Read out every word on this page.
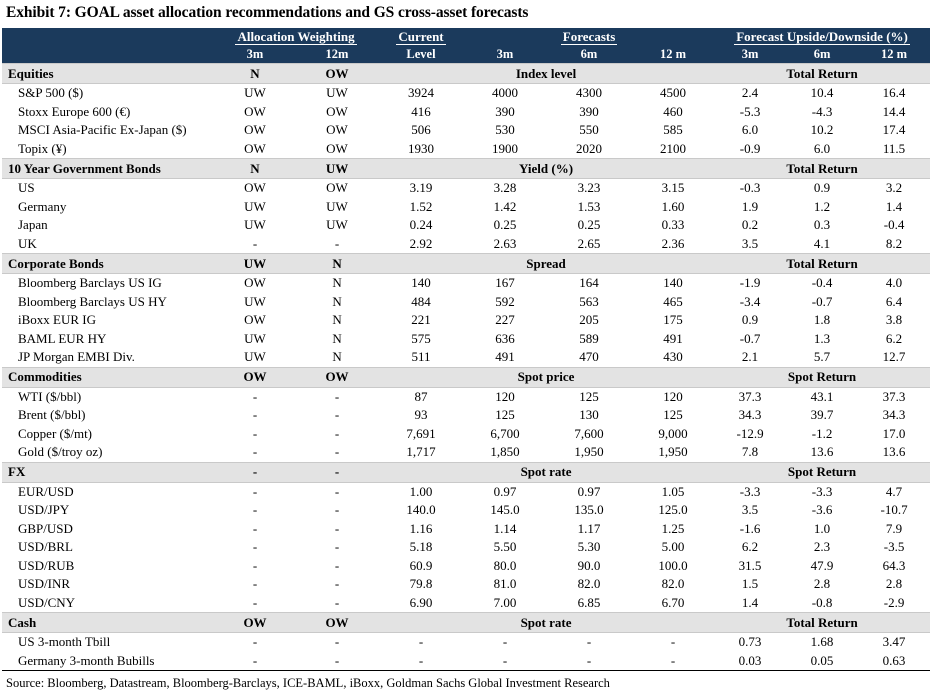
Exhibit 7: GOAL asset allocation recommendations and GS cross-asset forecasts
	Allocation Weighting		Current	Forecasts			Forecast Upside/Downside (%)		
	3m	12m	Level	3m	6m	12 m	3m	6m	12 m
Equities	N	OW	Index level				Total Return		
S&P 500 ($)	UW	UW	3924	4000	4300	4500	2.4	10.4	16.4
Stoxx Europe 600 (€)	OW	OW	416	390	390	460	-5.3	-4.3	14.4
MSCI Asia-Pacific Ex-Japan ($)	OW	OW	506	530	550	585	6.0	10.2	17.4
Topix (¥)	OW	OW	1930	1900	2020	2100	-0.9	6.0	11.5
10 Year Government Bonds	N	UW	Yield (%)				Total Return		
US	OW	OW	3.19	3.28	3.23	3.15	-0.3	0.9	3.2
Germany	UW	UW	1.52	1.42	1.53	1.60	1.9	1.2	1.4
Japan	UW	UW	0.24	0.25	0.25	0.33	0.2	0.3	-0.4
UK	-	-	2.92	2.63	2.65	2.36	3.5	4.1	8.2
Corporate Bonds	UW	N	Spread				Total Return		
Bloomberg Barclays US IG	OW	N	140	167	164	140	-1.9	-0.4	4.0
Bloomberg Barclays US HY	UW	N	484	592	563	465	-3.4	-0.7	6.4
iBoxx EUR IG	OW	N	221	227	205	175	0.9	1.8	3.8
BAML EUR HY	UW	N	575	636	589	491	-0.7	1.3	6.2
JP Morgan EMBI Div.	UW	N	511	491	470	430	2.1	5.7	12.7
Commodities	OW	OW	Spot price				Spot Return		
WTI ($/bbl)	-	-	87	120	125	120	37.3	43.1	37.3
Brent ($/bbl)	-	-	93	125	130	125	34.3	39.7	34.3
Copper ($/mt)	-	-	7,691	6,700	7,600	9,000	-12.9	-1.2	17.0
Gold ($/troy oz)	-	-	1,717	1,850	1,950	1,950	7.8	13.6	13.6
FX	-	-	Spot rate				Spot Return		
EUR/USD	-	-	1.00	0.97	0.97	1.05	-3.3	-3.3	4.7
USD/JPY	-	-	140.0	145.0	135.0	125.0	3.5	-3.6	-10.7
GBP/USD	-	-	1.16	1.14	1.17	1.25	-1.6	1.0	7.9
USD/BRL	-	-	5.18	5.50	5.30	5.00	6.2	2.3	-3.5
USD/RUB	-	-	60.9	80.0	90.0	100.0	31.5	47.9	64.3
USD/INR	-	-	79.8	81.0	82.0	82.0	1.5	2.8	2.8
USD/CNY	-	-	6.90	7.00	6.85	6.70	1.4	-0.8	-2.9
Cash	OW	OW	Spot rate				Total Return		
US 3-month Tbill	-	-	-	-	-	-	0.73	1.68	3.47
Germany 3-month Bubills	-	-	-	-	-	-	0.03	0.05	0.63
Source: Bloomberg, Datastream, Bloomberg-Barclays, ICE-BAML, iBoxx, Goldman Sachs Global Investment Research
